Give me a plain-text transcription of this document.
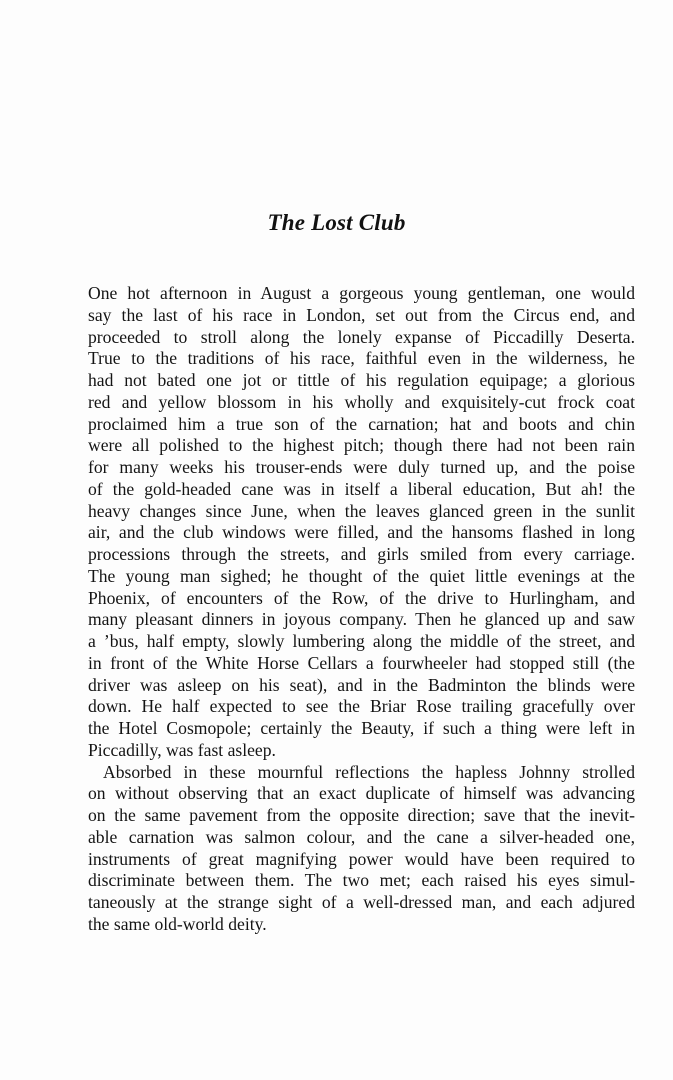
The Lost Club
One hot afternoon in August a gorgeous young gentleman, one would
say the last of his race in London, set out from the Circus end, and
proceeded to stroll along the lonely expanse of Piccadilly Deserta.
True to the traditions of his race, faithful even in the wilderness, he
had not bated one jot or tittle of his regulation equipage; a glorious
red and yellow blossom in his wholly and exquisitely-cut frock coat
proclaimed him a true son of the carnation; hat and boots and chin
were all polished to the highest pitch; though there had not been rain
for many weeks his trouser-ends were duly turned up, and the poise
of the gold-headed cane was in itself a liberal education, But ah! the
heavy changes since June, when the leaves glanced green in the sunlit
air, and the club windows were filled, and the hansoms flashed in long
processions through the streets, and girls smiled from every carriage.
The young man sighed; he thought of the quiet little evenings at the
Phoenix, of encounters of the Row, of the drive to Hurlingham, and
many pleasant dinners in joyous company. Then he glanced up and saw
a ’bus, half empty, slowly lumbering along the middle of the street, and
in front of the White Horse Cellars a fourwheeler had stopped still (the
driver was asleep on his seat), and in the Badminton the blinds were
down. He half expected to see the Briar Rose trailing gracefully over
the Hotel Cosmopole; certainly the Beauty, if such a thing were left in
Piccadilly, was fast asleep.
Absorbed in these mournful reflections the hapless Johnny strolled
on without observing that an exact duplicate of himself was advancing
on the same pavement from the opposite direction; save that the inevit-
able carnation was salmon colour, and the cane a silver-headed one,
instruments of great magnifying power would have been required to
discriminate between them. The two met; each raised his eyes simul-
taneously at the strange sight of a well-dressed man, and each adjured
the same old-world deity.
